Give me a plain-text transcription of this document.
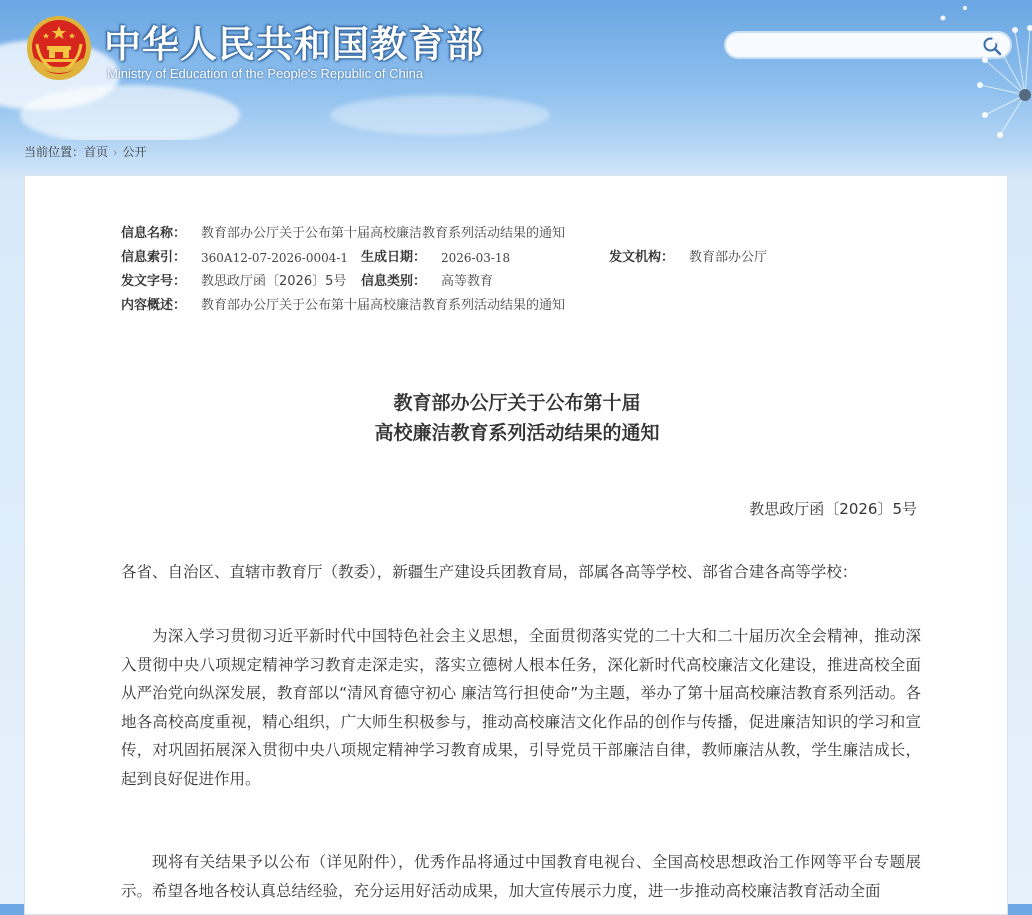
中华人民共和国教育部
Ministry of Education of the People's Republic of China
当前位置：首页 › 公开
信息名称： 教育部办公厅关于公布第十届高校廉洁教育系列活动结果的通知
信息索引： 360A12-07-2026-0004-1 生成日期： 2026-03-18	发文机构： 教育部办公厅
发文字号： 教思政厅函〔2026〕5号 信息类别： 高等教育
内容概述： 教育部办公厅关于公布第十届高校廉洁教育系列活动结果的通知
教育部办公厅关于公布第十届
高校廉洁教育系列活动结果的通知
教思政厅函〔2026〕5号
各省、自治区、直辖市教育厅（教委），新疆生产建设兵团教育局，部属各高等学校、部省合建各高等学校：

为深入学习贯彻习近平新时代中国特色社会主义思想，全面贯彻落实党的二十大和二十届历次全会精神，推动深入贯彻中央八项规定精神学习教育走深走实，落实立德树人根本任务，深化新时代高校廉洁文化建设，推进高校全面从严治党向纵深发展，教育部以“清风育德守初心 廉洁笃行担使命”为主题，举办了第十届高校廉洁教育系列活动。各地各高校高度重视，精心组织，广大师生积极参与，推动高校廉洁文化作品的创作与传播，促进廉洁知识的学习和宣传，对巩固拓展深入贯彻中央八项规定精神学习教育成果，引导党员干部廉洁自律，教师廉洁从教，学生廉洁成长，起到良好促进作用。

现将有关结果予以公布（详见附件），优秀作品将通过中国教育电视台、全国高校思想政治工作网等平台专题展示。希望各地各校认真总结经验，充分运用好活动成果，加大宣传展示力度，进一步推动高校廉洁教育活动全面
